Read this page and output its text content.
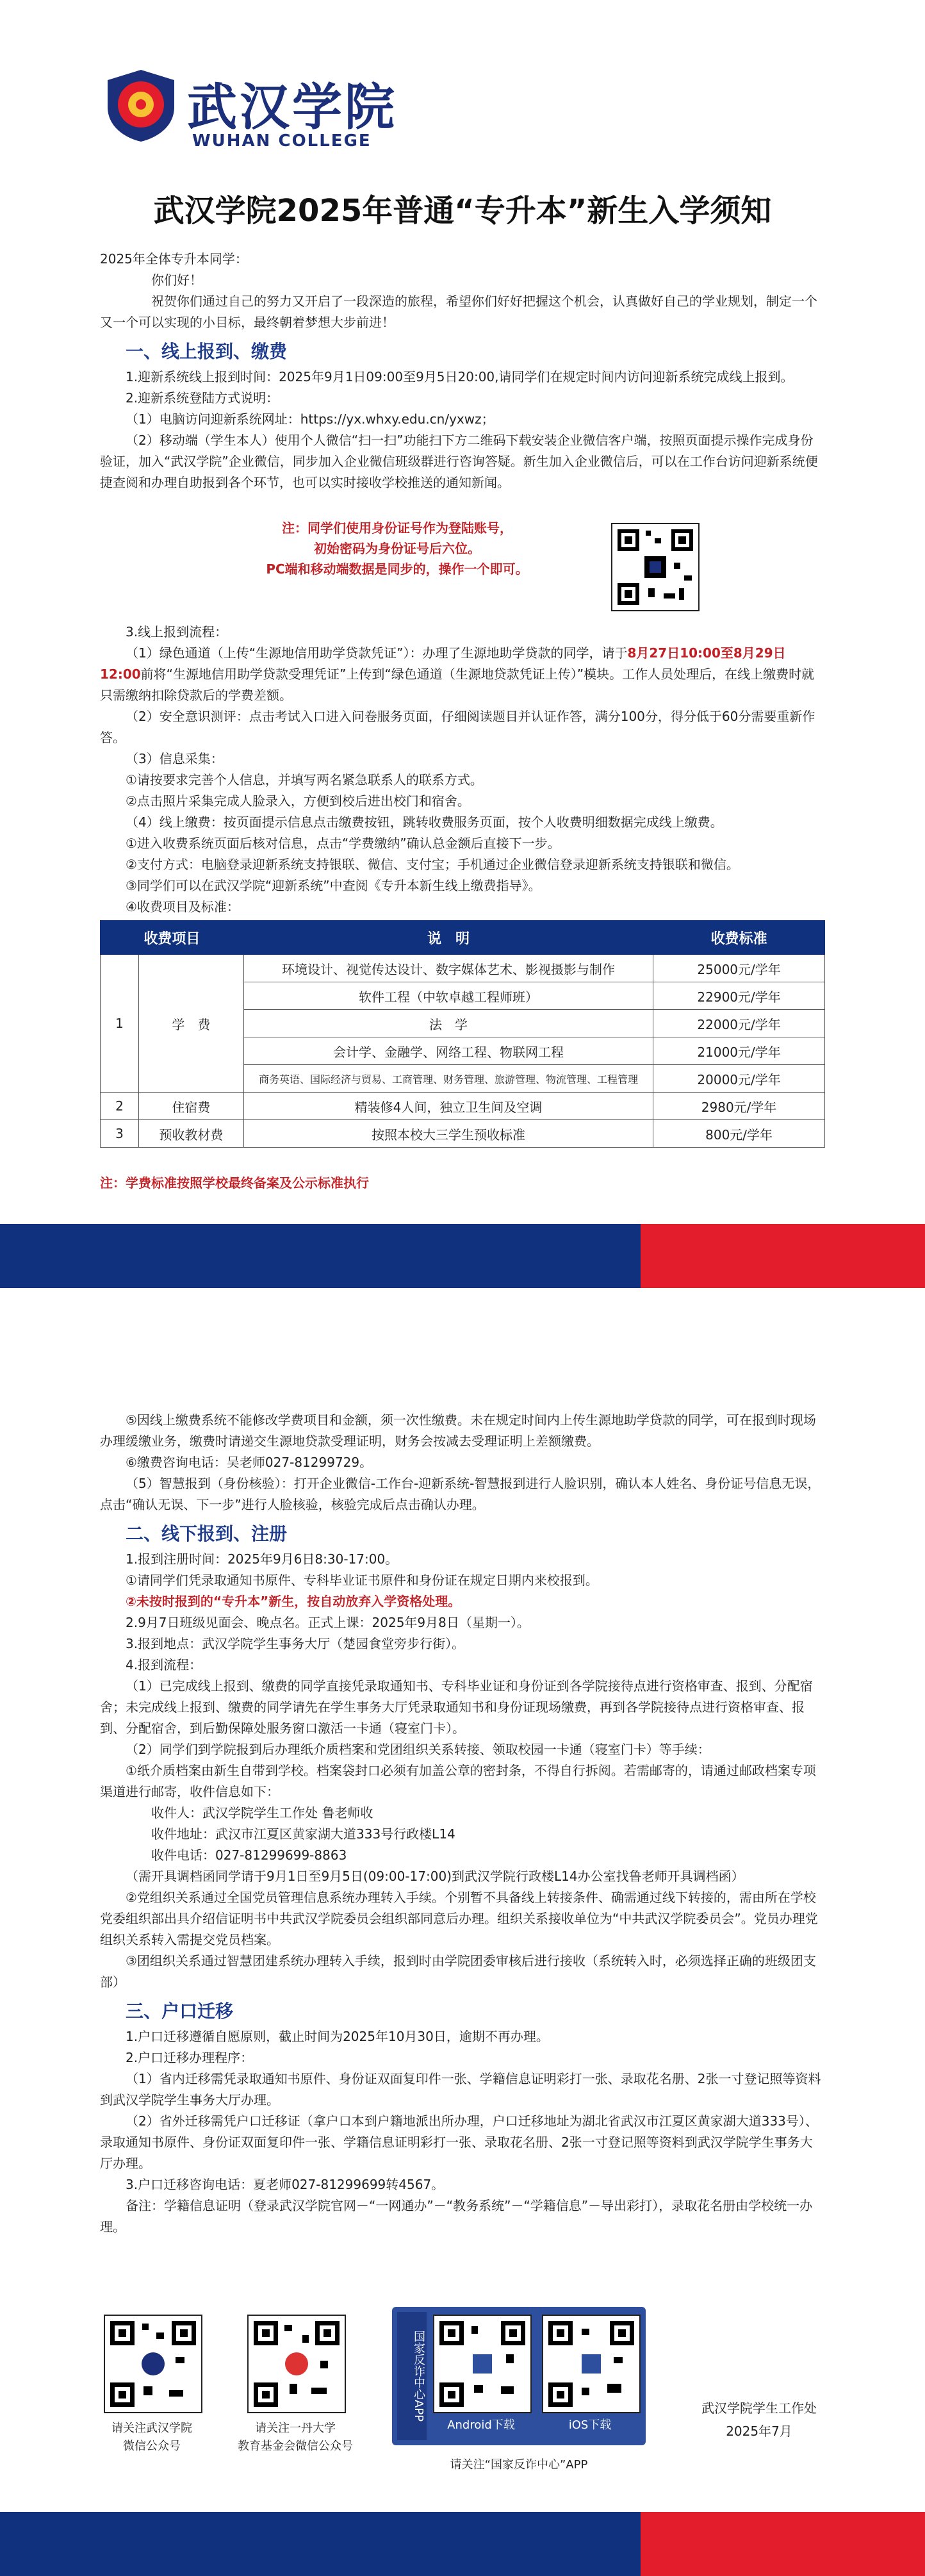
武汉学院
WUHAN COLLEGE
武汉学院2025年普通“专升本”新生入学须知
2025年全体专升本同学：
你们好！
祝贺你们通过自己的努力又开启了一段深造的旅程，希望你们好好把握这个机会，认真做好自己的学业规划，制定一个又一个可以实现的小目标，最终朝着梦想大步前进！
一、线上报到、缴费
1.迎新系统线上报到时间：2025年9月1日09:00至9月5日20:00,请同学们在规定时间内访问迎新系统完成线上报到。
2.迎新系统登陆方式说明：
（1）电脑访问迎新系统网址：https://yx.whxy.edu.cn/yxwz；
（2）移动端（学生本人）使用个人微信“扫一扫”功能扫下方二维码下载安装企业微信客户端，按照页面提示操作完成身份验证，加入“武汉学院”企业微信，同步加入企业微信班级群进行咨询答疑。新生加入企业微信后，可以在工作台访问迎新系统便捷查阅和办理自助报到各个环节，也可以实时接收学校推送的通知新闻。
注：同学们使用身份证号作为登陆账号，
初始密码为身份证号后六位。
PC端和移动端数据是同步的，操作一个即可。
3.线上报到流程：
（1）绿色通道（上传“生源地信用助学贷款凭证”）：办理了生源地助学贷款的同学，请于8月27日10:00至8月29日12:00前将“生源地信用助学贷款受理凭证”上传到“绿色通道（生源地贷款凭证上传）”模块。工作人员处理后，在线上缴费时就只需缴纳扣除贷款后的学费差额。
（2）安全意识测评：点击考试入口进入问卷服务页面，仔细阅读题目并认证作答，满分100分，得分低于60分需要重新作答。
（3）信息采集：
①请按要求完善个人信息，并填写两名紧急联系人的联系方式。
②点击照片采集完成人脸录入，方便到校后进出校门和宿舍。
（4）线上缴费：按页面提示信息点击缴费按钮，跳转收费服务页面，按个人收费明细数据完成线上缴费。
①进入收费系统页面后核对信息，点击“学费缴纳”确认总金额后直接下一步。
②支付方式：电脑登录迎新系统支持银联、微信、支付宝；手机通过企业微信登录迎新系统支持银联和微信。
③同学们可以在武汉学院“迎新系统”中查阅《专升本新生线上缴费指导》。
④收费项目及标准：
收费项目		说　明	收费标准
1	学　费	环境设计、视觉传达设计、数字媒体艺术、影视摄影与制作	25000元/学年
		软件工程（中软卓越工程师班）	22900元/学年
		法　学	22000元/学年
		会计学、金融学、网络工程、物联网工程	21000元/学年
		商务英语、国际经济与贸易、工商管理、财务管理、旅游管理、物流管理、工程管理	20000元/学年
2	住宿费	精装修4人间，独立卫生间及空调	2980元/学年
3	预收教材费	按照本校大三学生预收标准	800元/学年
注：学费标准按照学校最终备案及公示标准执行
⑤因线上缴费系统不能修改学费项目和金额，须一次性缴费。未在规定时间内上传生源地助学贷款的同学，可在报到时现场办理缓缴业务，缴费时请递交生源地贷款受理证明，财务会按减去受理证明上差额缴费。
⑥缴费咨询电话：吴老师027-81299729。
（5）智慧报到（身份核验）：打开企业微信-工作台-迎新系统-智慧报到进行人脸识别，确认本人姓名、身份证号信息无误，点击“确认无误、下一步”进行人脸核验，核验完成后点击确认办理。
二、线下报到、注册
1.报到注册时间：2025年9月6日8:30-17:00。
①请同学们凭录取通知书原件、专科毕业证书原件和身份证在规定日期内来校报到。
②未按时报到的“专升本”新生，按自动放弃入学资格处理。
2.9月7日班级见面会、晚点名。正式上课：2025年9月8日（星期一）。
3.报到地点：武汉学院学生事务大厅（楚园食堂旁步行街）。
4.报到流程：
（1）已完成线上报到、缴费的同学直接凭录取通知书、专科毕业证和身份证到各学院接待点进行资格审查、报到、分配宿舍；未完成线上报到、缴费的同学请先在学生事务大厅凭录取通知书和身份证现场缴费，再到各学院接待点进行资格审查、报到、分配宿舍，到后勤保障处服务窗口激活一卡通（寝室门卡）。
（2）同学们到学院报到后办理纸介质档案和党团组织关系转接、领取校园一卡通（寝室门卡）等手续：
①纸介质档案由新生自带到学校。档案袋封口必须有加盖公章的密封条，不得自行拆阅。若需邮寄的，请通过邮政档案专项渠道进行邮寄，收件信息如下：
收件人：武汉学院学生工作处 鲁老师收
收件地址：武汉市江夏区黄家湖大道333号行政楼L14
收件电话：027-81299699-8863
（需开具调档函同学请于9月1日至9月5日(09:00-17:00)到武汉学院行政楼L14办公室找鲁老师开具调档函）
②党组织关系通过全国党员管理信息系统办理转入手续。个别暂不具备线上转接条件、确需通过线下转接的，需由所在学校党委组织部出具介绍信证明书中共武汉学院委员会组织部同意后办理。组织关系接收单位为“中共武汉学院委员会”。党员办理党组织关系转入需提交党员档案。
③团组织关系通过智慧团建系统办理转入手续，报到时由学院团委审核后进行接收（系统转入时，必须选择正确的班级团支部）
三、户口迁移
1.户口迁移遵循自愿原则，截止时间为2025年10月30日，逾期不再办理。
2.户口迁移办理程序：
（1）省内迁移需凭录取通知书原件、身份证双面复印件一张、学籍信息证明彩打一张、录取花名册、2张一寸登记照等资料到武汉学院学生事务大厅办理。
（2）省外迁移需凭户口迁移证（拿户口本到户籍地派出所办理，户口迁移地址为湖北省武汉市江夏区黄家湖大道333号）、录取通知书原件、身份证双面复印件一张、学籍信息证明彩打一张、录取花名册、2张一寸登记照等资料到武汉学院学生事务大厅办理。
3.户口迁移咨询电话：夏老师027-81299699转4567。
备注：学籍信息证明（登录武汉学院官网－“一网通办”－“教务系统”－“学籍信息”－导出彩打），录取花名册由学校统一办理。
请关注武汉学院
微信公众号
请关注一丹大学
教育基金会微信公众号
国家反诈中心APP
Android下载	iOS下载
请关注“国家反诈中心”APP
武汉学院学生工作处
2025年7月
